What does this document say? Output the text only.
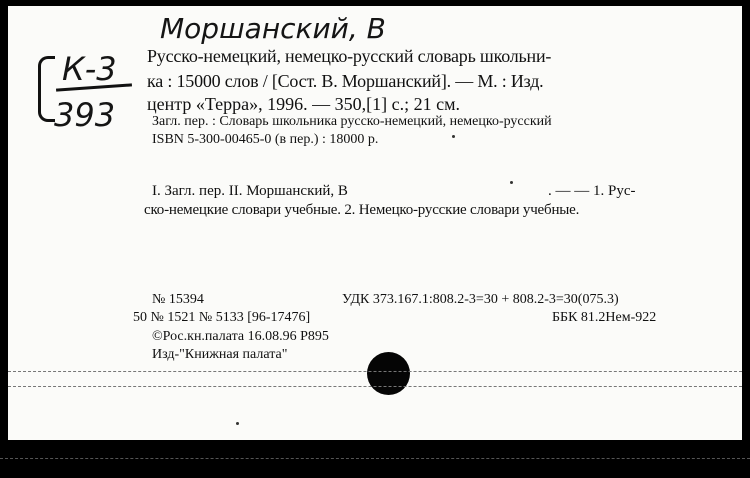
Моршанский, В
К-3
393
Русско-немецкий, немецко-русский словарь школьни-
ка : 15000 слов / [Сост. В. Моршанский]. — М. : Изд.
центр «Терра», 1996. — 350,[1] с.; 21 см.
Загл. пер. : Словарь школьника русско-немецкий, немецко-русский
ISBN 5-300-00465-0 (в пер.) : 18000 р.
I. Загл. пер. II. Моршанский, В	. — — 1. Рус-
ско-немецкие словари учебные. 2. Немецко-русские словари учебные.
№ 15394	УДК 373.167.1:808.2-3=30 + 808.2-3=30(075.3)
50 № 1521 № 5133 [96-17476]	ББК 81.2Нем-922
©Рос.кн.палата 16.08.96 P895
Изд-"Книжная палата"
